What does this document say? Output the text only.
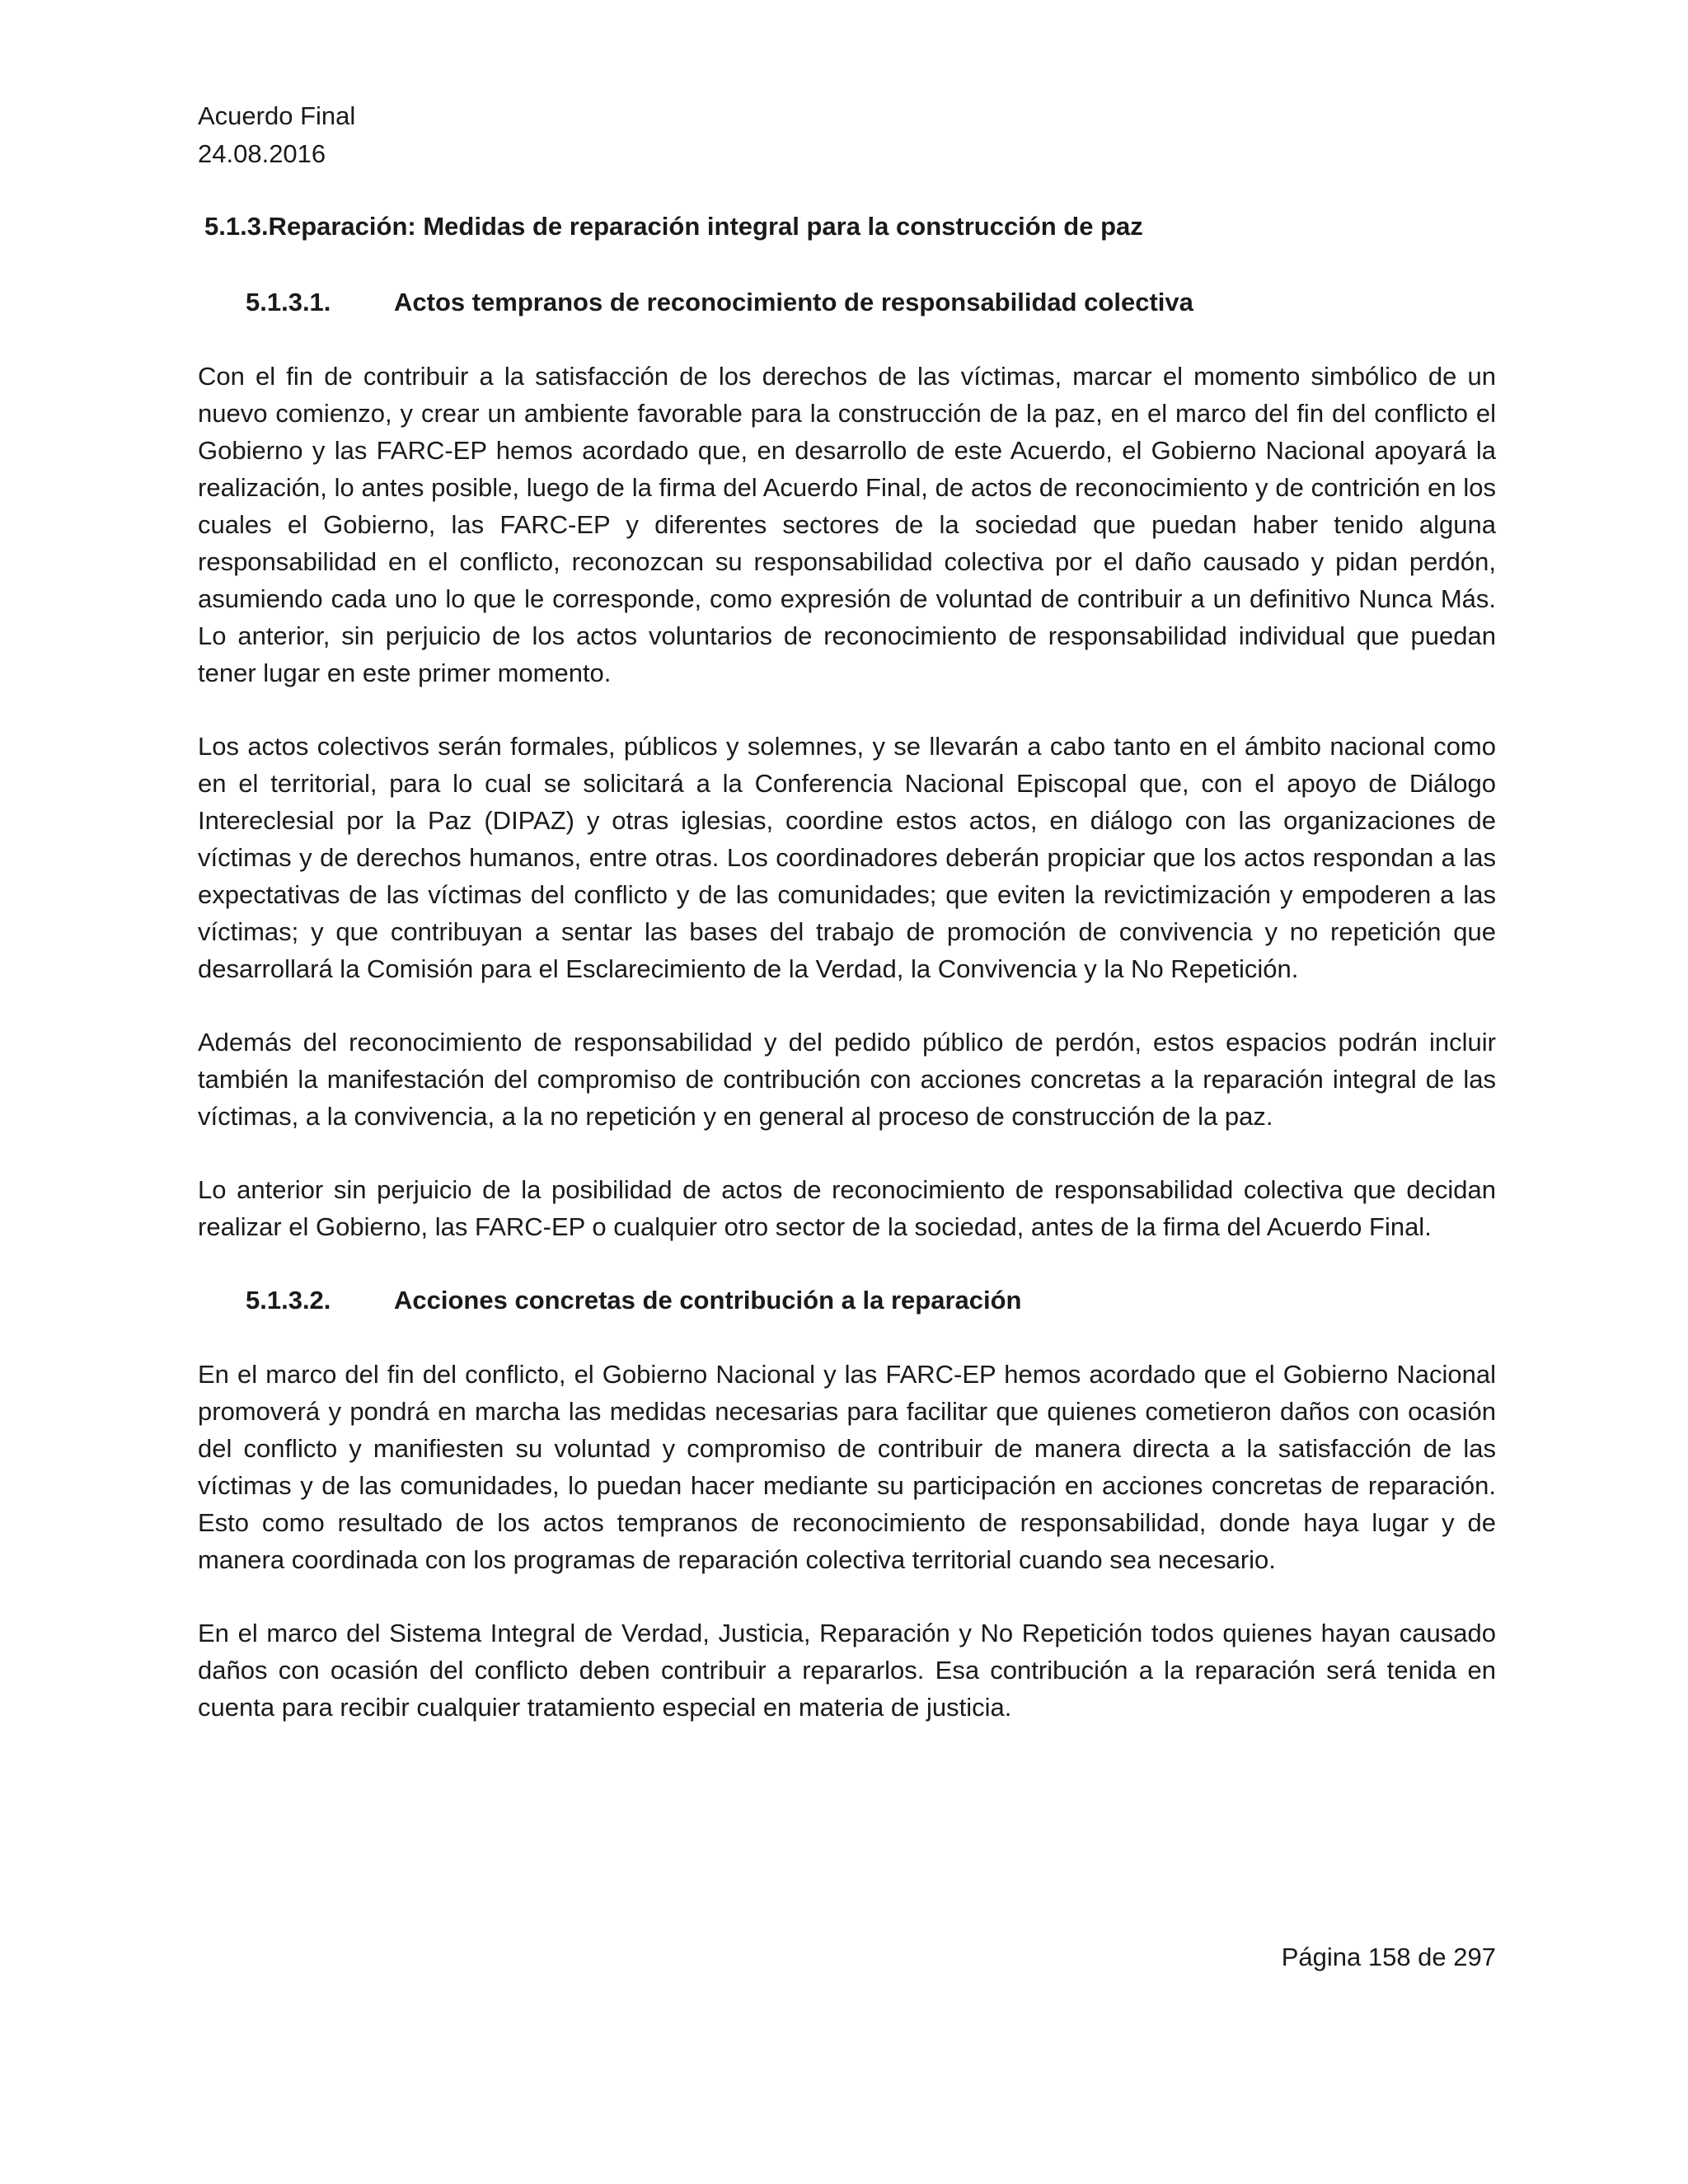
Acuerdo Final
24.08.2016
5.1.3.Reparación: Medidas de reparación integral para la construcción de paz
5.1.3.1.	Actos tempranos de reconocimiento de responsabilidad colectiva

Con el fin de contribuir a la satisfacción de los derechos de las víctimas, marcar el momento simbólico de un nuevo comienzo, y crear un ambiente favorable para la construcción de la paz, en el marco del fin del conflicto el Gobierno y las FARC-EP hemos acordado que, en desarrollo de este Acuerdo, el Gobierno Nacional apoyará la realización, lo antes posible, luego de la firma del Acuerdo Final, de actos de reconocimiento y de contrición en los cuales el Gobierno, las FARC-EP y diferentes sectores de la sociedad que puedan haber tenido alguna responsabilidad en el conflicto, reconozcan su responsabilidad colectiva por el daño causado y pidan perdón, asumiendo cada uno lo que le corresponde, como expresión de voluntad de contribuir a un definitivo Nunca Más. Lo anterior, sin perjuicio de los actos voluntarios de reconocimiento de responsabilidad individual que puedan tener lugar en este primer momento.

Los actos colectivos serán formales, públicos y solemnes, y se llevarán a cabo tanto en el ámbito nacional como en el territorial, para lo cual se solicitará a la Conferencia Nacional Episcopal que, con el apoyo de Diálogo Intereclesial por la Paz (DIPAZ) y otras iglesias, coordine estos actos, en diálogo con las organizaciones de víctimas y de derechos humanos, entre otras. Los coordinadores deberán propiciar que los actos respondan a las expectativas de las víctimas del conflicto y de las comunidades; que eviten la revictimización y empoderen a las víctimas; y que contribuyan a sentar las bases del trabajo de promoción de convivencia y no repetición que desarrollará la Comisión para el Esclarecimiento de la Verdad, la Convivencia y la No Repetición.

Además del reconocimiento de responsabilidad y del pedido público de perdón, estos espacios podrán incluir también la manifestación del compromiso de contribución con acciones concretas a la reparación integral de las víctimas, a la convivencia, a la no repetición y en general al proceso de construcción de la paz.

Lo anterior sin perjuicio de la posibilidad de actos de reconocimiento de responsabilidad colectiva que decidan realizar el Gobierno, las FARC-EP o cualquier otro sector de la sociedad, antes de la firma del Acuerdo Final.

5.1.3.2.	Acciones concretas de contribución a la reparación

En el marco del fin del conflicto, el Gobierno Nacional y las FARC-EP hemos acordado que el Gobierno Nacional promoverá y pondrá en marcha las medidas necesarias para facilitar que quienes cometieron daños con ocasión del conflicto y manifiesten su voluntad y compromiso de contribuir de manera directa a la satisfacción de las víctimas y de las comunidades, lo puedan hacer mediante su participación en acciones concretas de reparación. Esto como resultado de los actos tempranos de reconocimiento de responsabilidad, donde haya lugar y de manera coordinada con los programas de reparación colectiva territorial cuando sea necesario.

En el marco del Sistema Integral de Verdad, Justicia, Reparación y No Repetición todos quienes hayan causado daños con ocasión del conflicto deben contribuir a repararlos. Esa contribución a la reparación será tenida en cuenta para recibir cualquier tratamiento especial en materia de justicia.

Página 158 de 297
